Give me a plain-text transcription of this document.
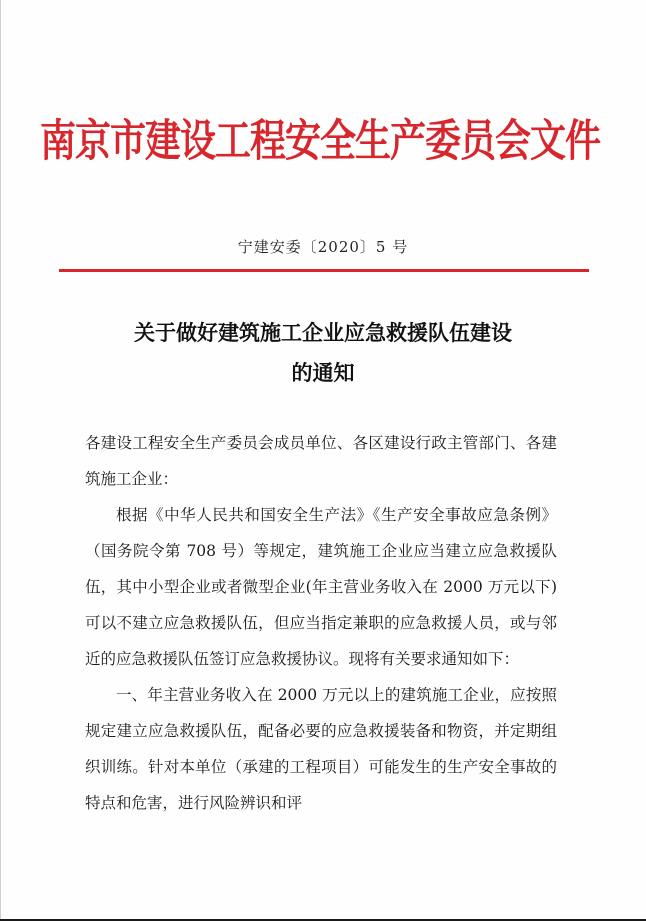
南京市建设工程安全生产委员会文件
宁建安委〔2020〕5 号
关于做好建筑施工企业应急救援队伍建设
的通知

各建设工程安全生产委员会成员单位、各区建设行政主管部门、各建筑施工企业：

根据《中华人民共和国安全生产法》《生产安全事故应急条例》（国务院令第 708 号）等规定，建筑施工企业应当建立应急救援队伍，其中小型企业或者微型企业(年主营业务收入在 2000 万元以下)可以不建立应急救援队伍，但应当指定兼职的应急救援人员，或与邻近的应急救援队伍签订应急救援协议。现将有关要求通知如下：

一、年主营业务收入在 2000 万元以上的建筑施工企业，应按照规定建立应急救援队伍，配备必要的应急救援装备和物资，并定期组织训练。针对本单位（承建的工程项目）可能发生的生产安全事故的特点和危害，进行风险辨识和评
